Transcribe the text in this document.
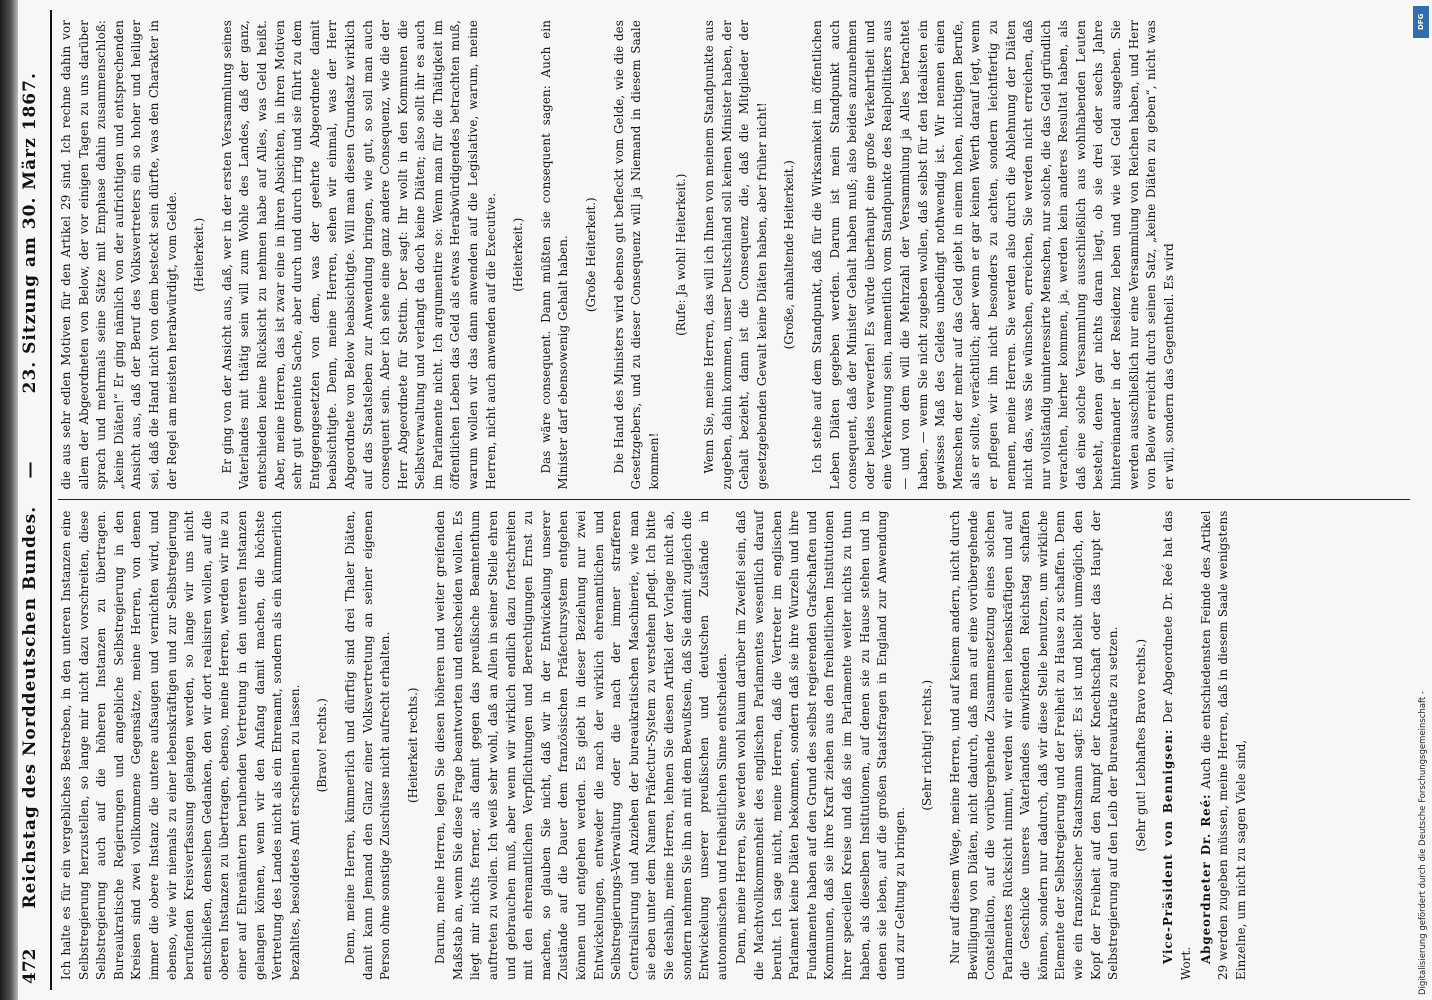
472
Reichstag des Norddeutschen Bundes.
—
23. Sitzung am 30. März 1867.

Ich halte es für ein vergebliches Bestreben, in den unteren Instanzen eine Selbstregierung herzustellen, so lange mir nicht dazu vorschreiten, diese Selbstregierung auch auf die höheren Instanzen zu übertragen. Bureaukratische Regierungen und angebliche Selbstregierung in den Kreisen sind zwei vollkommene Gegensätze, meine Herren, von denen immer die obere Instanz die untere aufsaugen und vernichten wird, und ebenso, wie wir niemals zu einer lebenskräftigen und zur Selbstregierung berufenden Kreisverfassung gelangen werden, so lange wir uns nicht entschließen, denselben Gedanken, den wir dort realisiren wollen, auf die oberen Instanzen zu übertragen, ebenso, meine Herren, werden wir nie zu einer auf Ehrenämtern beruhenden Vertretung in den unteren Instanzen gelangen können, wenn wir den Anfang damit machen, die höchste Vertretung des Landes nicht als ein Ehrenamt, sondern als ein kümmerlich bezahltes, besoldetes Amt erscheinen zu lassen. (Bravo! rechts.) Denn, meine Herren, kümmerlich und dürftig sind drei Thaler Diäten, damit kann Jemand den Glanz einer Volksvertretung an seiner eigenen Person ohne sonstige Zuschüsse nicht aufrecht erhalten. (Heiterkeit rechts.) Darum, meine Herren, legen Sie diesen höheren und weiter greifenden Maßstab an, wenn Sie diese Frage beantworten und entscheiden wollen. Es liegt mir nichts ferner, als damit gegen das preußische Beamtenthum auftreten zu wollen. Ich weiß sehr wohl, daß an Allen in seiner Stelle ehren und gebrauchen muß, aber wenn wir wirklich endlich dazu fortschreiten mit den ehrenamtlichen Verpflichtungen und Berechtigungen Ernst zu machen, so glauben Sie nicht, daß wir in der Entwickelung unserer Zustände auf die Dauer dem französischen Präfectursystem entgehen können und entgehen werden. Es giebt in dieser Beziehung nur zwei Entwickelungen, entweder die nach der wirklich ehrenamtlichen und Selbstregierungs-Verwaltung oder die nach der immer strafferen Centralisirung und Anziehen der bureaukratischen Maschinerie, wie man sie eben unter dem Namen Präfectur-System zu verstehen pflegt. Ich bitte Sie deshalb, meine Herren, lehnen Sie diesen Artikel der Vorlage nicht ab, sondern nehmen Sie ihn an mit dem Bewußtsein, daß Sie damit zugleich die Entwickelung unserer preußischen und deutschen Zustände in autonomischen und freiheitlichen Sinne entscheiden. Denn, meine Herren, Sie werden wohl kaum darüber im Zweifel sein, daß die Machtvollkommenheit des englischen Parlamentes wesentlich darauf beruht. Ich sage nicht, meine Herren, daß die Vertreter im englischen Parlament keine Diäten bekommen, sondern daß sie ihre Wurzeln und ihre Fundamente haben auf den Grund des selbst regierenden Grafschaften und Kommunen, daß sie ihre Kraft ziehen aus den freiheitlichen Institutionen ihrer speciellen Kreise und daß sie im Parlamente weiter nichts zu thun haben, als dieselben Institutionen, auf denen sie zu Hause stehen und in denen sie leben, auf die großen Staatsfragen in England zur Anwendung und zur Geltung zu bringen.

(Sehr richtig! rechts.) Nur auf diesem Wege, meine Herren, und auf keinem andern, nicht durch Bewilligung von Diäten, nicht dadurch, daß man auf eine vorübergehende Constellation, auf die vorübergehende Zusammensetzung eines solchen Parlamentes Rücksicht nimmt, werden wir einen lebenskräftigen und auf die Geschicke unseres Vaterlandes einwirkenden Reichstag schaffen können, sondern nur dadurch, daß wir diese Stelle benutzen, um wirkliche Elemente der Selbstregierung und der Freiheit zu Hause zu schaffen. Denn wie ein französischer Staatsmann sagt: Es ist und bleibt unmöglich, den Kopf der Freiheit auf den Rumpf der Knechtschaft oder das Haupt der Selbstregierung auf den Leib der Bureaukratie zu setzen. (Sehr gut! Lebhaftes Bravo rechts.) Vice-Präsident von Bennigsen: Der Abgeordnete Dr. Reé hat das Wort. Abgeordneter Dr. Reé: Auch die entschiedensten Feinde des Artikel 29 werden zugeben müssen, meine Herren, daß in diesem Saale wenigstens Einzelne, um nicht zu sagen Viele sind,

die aus sehr edlen Motiven für den Artikel 29 sind. Ich rechne dahin vor allem der Abgeordneten von Below, der vor einigen Tagen zu uns darüber sprach und mehrmals seine Sätze mit Emphase dahin zusammenschloß: „keine Diäten!“ Er ging nämlich von der aufrichtigen und entsprechenden Ansicht aus, daß der Beruf des Volksvertreters ein so hoher und heiliger sei, daß die Hand nicht von dem besteckt sein dürfte, was den Charakter in der Regel am meisten herabwürdigt, vom Gelde. (Heiterkeit.) Er ging von der Ansicht aus, daß, wer in der ersten Versammlung seines Vaterlandes mit thätig sein will zum Wohle des Landes, daß der ganz, entschieden keine Rücksicht zu nehmen habe auf Alles, was Geld heißt. Aber, meine Herren, das ist zwar eine in ihren Absichten, in ihren Motiven sehr gut gemeinte Sache, aber durch und durch irrig und sie führt zu dem Entgegengesetzten von dem, was der geehrte Abgeordnete damit beabsichtigte. Denn, meine Herren, sehen wir einmal, was der Herr Abgeordnete von Below beabsichtigte. Will man diesen Grundsatz wirklich auf das Staatsleben zur Anwendung bringen, wie gut, so soll man auch consequent sein. Aber ich sehe eine ganz andere Consequenz, wie die der Herr Abgeordnete für Stettin. Der sagt: Ihr wollt in den Kommunen die Selbstverwaltung und verlangt da doch keine Diäten; also sollt ihr es auch im Parlamente nicht. Ich argumentire so: Wenn man für die Thätigkeit im öffentlichen Leben das Geld als etwas Herabwürdigendes betrachten muß, warum wollen wir das dann anwenden auf die Legislative, warum, meine Herren, nicht auch anwenden auf die Executive. (Heiterkeit.) Das wäre consequent. Dann müßten sie consequent sagen: Auch ein Minister darf ebensowenig Gehalt haben. (Große Heiterkeit.) Die Hand des Ministers wird ebenso gut befleckt vom Gelde, wie die des Gesetzgebers, und zu dieser Consequenz will ja Niemand in diesem Saale kommen!

(Rufe: Ja wohl! Heiterkeit.) Wenn Sie, meine Herren, das will ich Ihnen von meinem Standpunkte aus zugeben, dahin kommen, unser Deutschland soll keinen Minister haben, der Gehalt bezieht, dann ist die Consequenz die, daß die Mitglieder der gesetzgebenden Gewalt keine Diäten haben, aber früher nicht! (Große, anhaltende Heiterkeit.) Ich stehe auf dem Standpunkt, daß für die Wirksamkeit im öffentlichen Leben Diäten gegeben werden. Darum ist mein Standpunkt auch consequent, daß der Minister Gehalt haben muß; also beides anzunehmen oder beides verwerfen! Es würde überhaupt eine große Verkehrtheit und eine Verkennung sein, namentlich vom Standpunkte des Realpolitikers aus — und von dem will die Mehrzahl der Versammlung ja Alles betrachtet haben, — wenn Sie nicht zugeben wollen, daß selbst für den Idealisten ein gewisses Maß des Geldes unbedingt nothwendig ist. Wir nennen einen Menschen der mehr auf das Geld giebt in einem hohen, nichtigen Berufe, als er sollte, verächtlich; aber wenn er gar keinen Werth darauf legt, wenn er pflegen wir ihn nicht besonders zu achten, sondern leichtfertig zu nennen, meine Herren. Sie werden also durch die Ablehnung der Diäten nicht das, was Sie wünschen, erreichen, Sie werden nicht erreichen, daß nur vollständig uninteressirte Menschen, nur solche, die das Geld gründlich verachten, hierher kommen, ja, werden kein anderes Resultat haben, als daß eine solche Versammlung ausschließlich aus wohlhabenden Leuten besteht, denen gar nichts daran liegt, ob sie drei oder sechs Jahre hintereinander in der Residenz leben und wie viel Geld ausgeben. Sie werden ausschließlich nur eine Versammlung von Reichen haben, und Herr von Below erreicht durch seinen Satz, „keine Diäten zu geben“, nicht was er will, sondern das Gegentheil. Es wird

DFG
Digitalisierung gefördert durch die Deutsche Forschungsgemeinschaft -
